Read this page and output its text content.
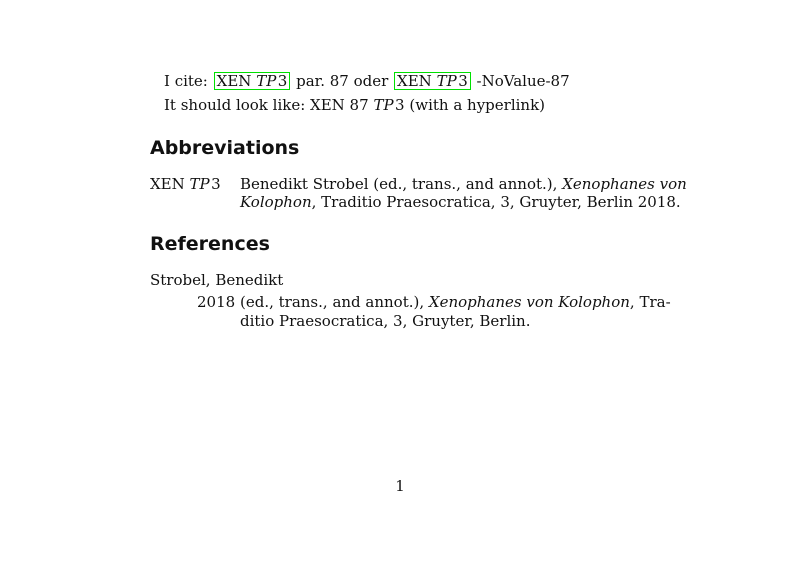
I cite: XEN TP  3 par. 87 oder XEN TP  3 -NoValue-87
It should look like: XEN 87 TP  3 (with a hyperlink)
Abbreviations
XEN TP  3 Benedikt Strobel (ed., trans., and annot.), Xenophanes von
Kolophon, Traditio Praesocratica, 3, Gruyter, Berlin 2018.
References
Strobel, Benedikt
2018 (ed., trans., and annot.), Xenophanes von Kolophon, Tra-
ditio Praesocratica, 3, Gruyter, Berlin.
1
